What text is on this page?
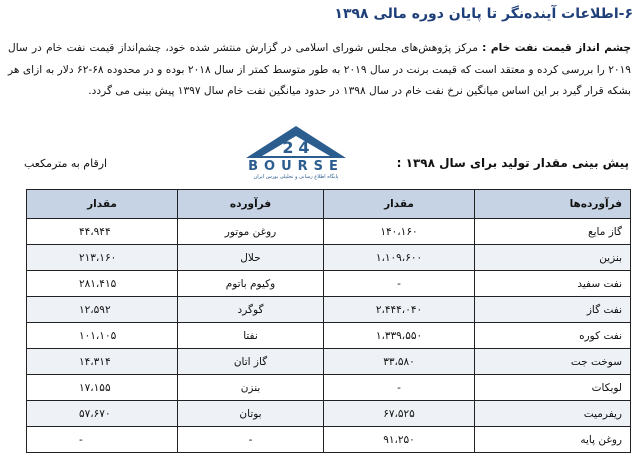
۶-اطلاعات آیندەنگر تا پایان دوره مالی ۱۳۹۸
چشم انداز قیمت نفت خام : مرکز پژوهش‌های مجلس شورای اسلامی در گزارش منتشر شده خود، چشم‌انداز قیمت نفت خام در سال ۲۰۱۹ را بررسی کرده و معتقد است که قیمت برنت در سال ۲۰۱۹ به طور متوسط کمتر از سال ۲۰۱۸ بوده و در محدوده ۶۸-۶۲ دلار به ازای هر بشکه قرار گیرد بر این اساس میانگین نرخ نفت خام در سال ۱۳۹۸ در حدود میانگین نفت خام سال ۱۳۹۷ پیش بینی می گردد.
2 4
BOURSE
پایگاه اطلاع رسانی و تحلیلی بورس ایران
پیش بینی مقدار تولید برای سال ۱۳۹۸ :
ارقام به مترمکعب
فرآورده‌ها	مقدار	فرآورده	مقدار
گاز مایع	۱۴۰،۱۶۰	روغن موتور	۴۴،۹۴۴
بنزین	۱،۱۰۹،۶۰۰	حلال	۲۱۳،۱۶۰
نفت سفید	-	وکیوم باتوم	۲۸۱،۴۱۵
نفت گاز	۲،۴۴۴،۰۴۰	گوگرد	۱۲،۵۹۲
نفت کوره	۱،۳۳۹،۵۵۰	نفتا	۱۰۱،۱۰۵
سوخت جت	۳۳،۵۸۰	گاز اتان	۱۴،۳۱۴
لوبکات	-	بنزن	۱۷،۱۵۵
ریفرمیت	۶۷،۵۲۵	بوتان	۵۷،۶۷۰
روغن پایه	۹۱،۲۵۰	-	-
